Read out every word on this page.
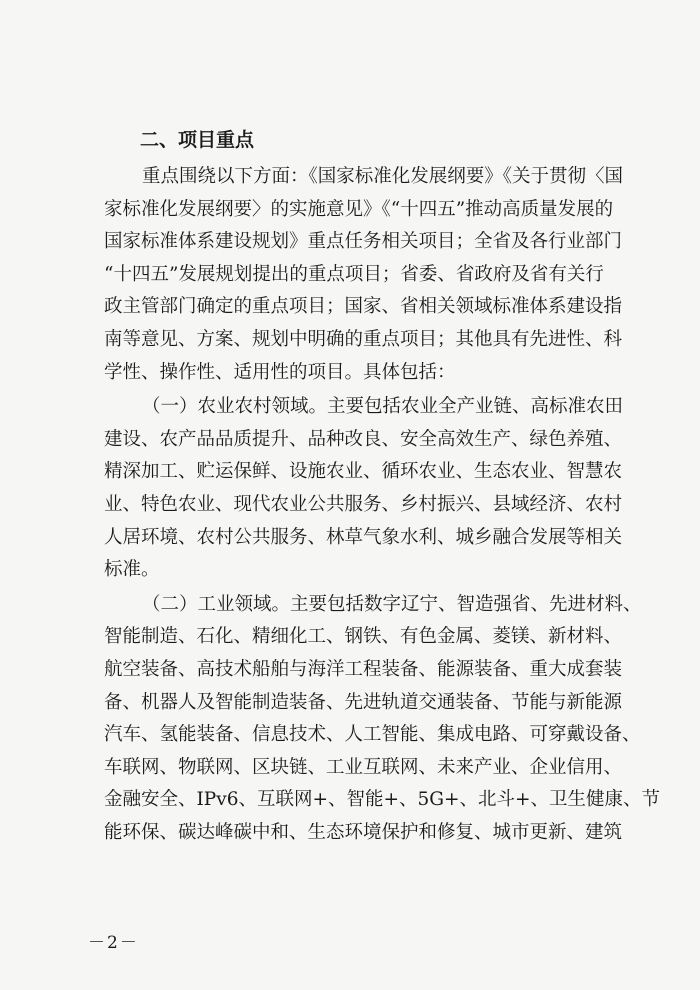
二、项目重点
重点围绕以下方面：《国家标准化发展纲要》《关于贯彻〈国
家标准化发展纲要〉的实施意见》《“十四五”推动高质量发展的
国家标准体系建设规划》重点任务相关项目；全省及各行业部门
“十四五”发展规划提出的重点项目；省委、省政府及省有关行
政主管部门确定的重点项目；国家、省相关领域标准体系建设指
南等意见、方案、规划中明确的重点项目；其他具有先进性、科
学性、操作性、适用性的项目。具体包括：
（一）农业农村领域。主要包括农业全产业链、高标准农田
建设、农产品品质提升、品种改良、安全高效生产、绿色养殖、
精深加工、贮运保鲜、设施农业、循环农业、生态农业、智慧农
业、特色农业、现代农业公共服务、乡村振兴、县域经济、农村
人居环境、农村公共服务、林草气象水利、城乡融合发展等相关
标准。
（二）工业领域。主要包括数字辽宁、智造强省、先进材料、
智能制造、石化、精细化工、钢铁、有色金属、菱镁、新材料、
航空装备、高技术船舶与海洋工程装备、能源装备、重大成套装
备、机器人及智能制造装备、先进轨道交通装备、节能与新能源
汽车、氢能装备、信息技术、人工智能、集成电路、可穿戴设备、
车联网、物联网、区块链、工业互联网、未来产业、企业信用、
金融安全、IPv6、互联网+、智能+、5G+、北斗+、卫生健康、节
能环保、碳达峰碳中和、生态环境保护和修复、城市更新、建筑
－2－
